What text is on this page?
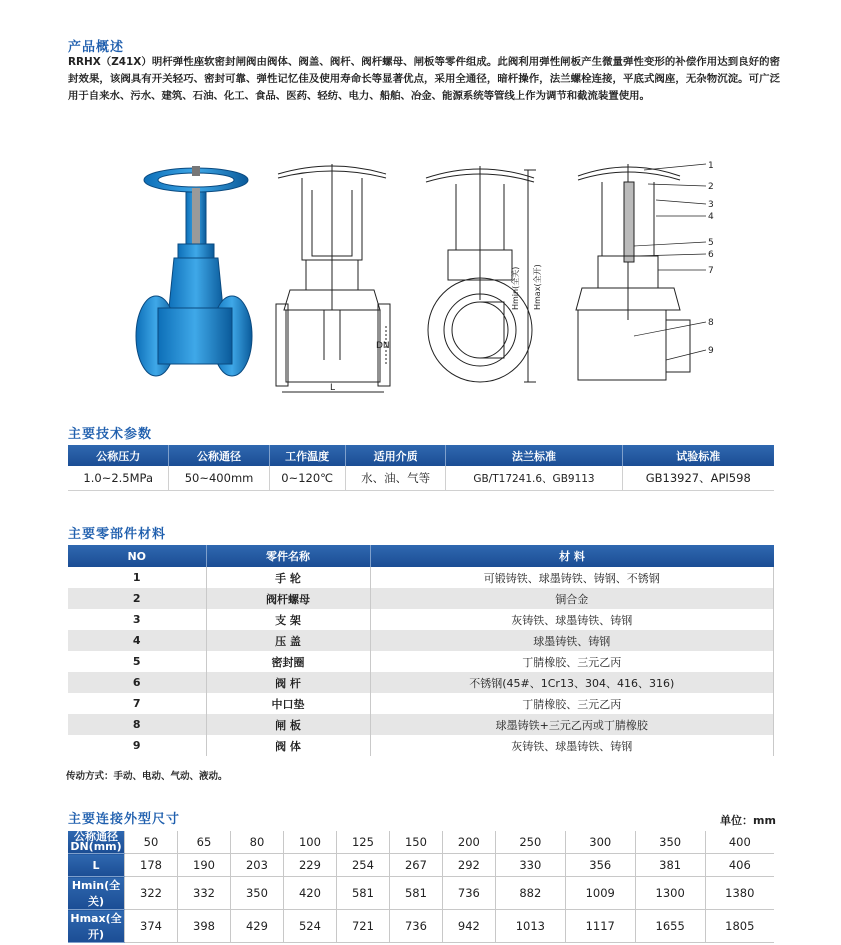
产品概述
RRHX（Z41X）明杆弹性座软密封闸阀由阀体、阀盖、阀杆、阀杆螺母、闸板等零件组成。此阀利用弹性闸板产生微量弹性变形的补偿作用达到良好的密封效果，该阀具有开关轻巧、密封可靠、弹性记忆佳及使用寿命长等显著优点，采用全通径，暗杆操作，法兰螺栓连接，平底式阀座，无杂物沉淀。可广泛用于自来水、污水、建筑、石油、化工、食品、医药、轻纺、电力、船舶、冶金、能源系统等管线上作为调节和截流装置使用。
DN
L
Hmin(全关) Hmax(全开)
1
2
3
4
5
6
7
8
9
主要技术参数
公称压力	公称通径	工作温度	适用介质	法兰标准	试验标准
1.0~2.5MPa	50~400mm	0~120℃	水、油、气等	GB/T17241.6、GB9113	GB13927、API598
主要零部件材料
NO	零件名称	材 料
1	手 轮	可锻铸铁、球墨铸铁、铸钢、不锈钢
2	阀杆螺母	铜合金
3	支 架	灰铸铁、球墨铸铁、铸钢
4	压 盖	球墨铸铁、铸钢
5	密封圈	丁腈橡胶、三元乙丙
6	阀 杆	不锈钢(45#、1Cr13、304、416、316)
7	中口垫	丁腈橡胶、三元乙丙
8	闸 板	球墨铸铁+三元乙丙或丁腈橡胶
9	阀 体	灰铸铁、球墨铸铁、铸钢
传动方式：手动、电动、气动、液动。
主要连接外型尺寸	单位：mm
公称通径
DN(mm)	50	65	80	100	125	150	200	250	300	350	400
L	178	190	203	229	254	267	292	330	356	381	406
Hmin(全关)	322	332	350	420	581	581	736	882	1009	1300	1380
Hmax(全开)	374	398	429	524	721	736	942	1013	1117	1655	1805
